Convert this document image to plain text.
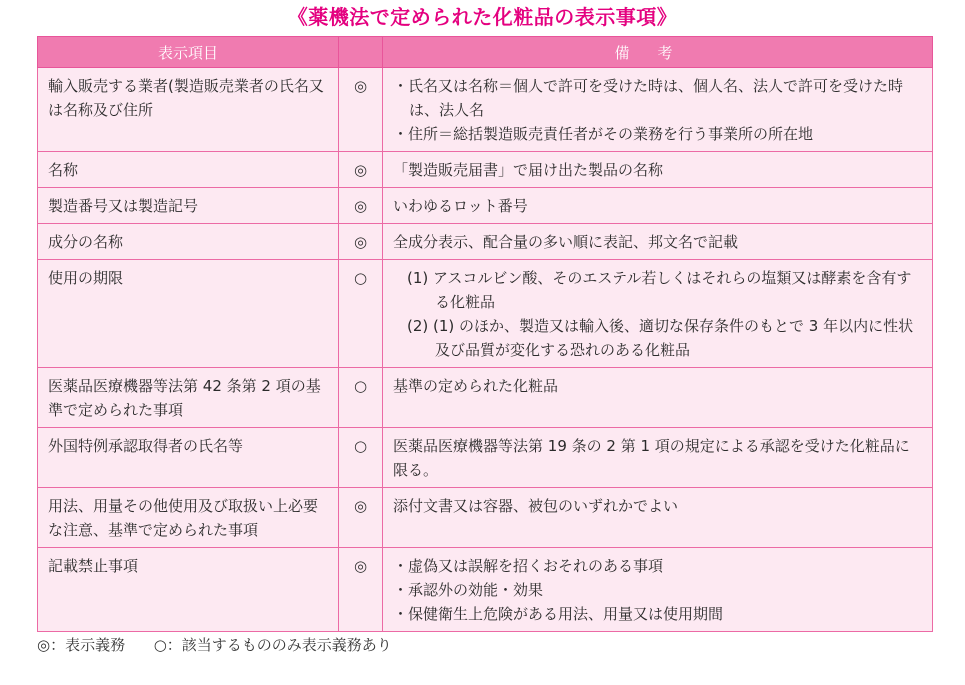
《薬機法で定められた化粧品の表示事項》
表示項目		備考
輸入販売する業者(製造販売業者の氏名又は名称及び住所	◎	・氏名又は名称＝個人で許可を受けた時は、個人名、法人で許可を受けた時は、法人名
・住所＝総括製造販売責任者がその業務を行う事業所の所在地

名称	◎	「製造販売届書」で届け出た製品の名称
製造番号又は製造記号	◎	いわゆるロット番号
成分の名称	◎	全成分表示、配合量の多い順に表記、邦文名で記載
使用の期限	○	(1) アスコルビン酸、そのエステル若しくはそれらの塩類又は酵素を含有する化粧品
(2) (1) のほか、製造又は輸入後、適切な保存条件のもとで 3 年以内に性状及び品質が変化する恐れのある化粧品

医薬品医療機器等法第 42 条第 2 項の基準で定められた事項	○	基準の定められた化粧品
外国特例承認取得者の氏名等	○	医薬品医療機器等法第 19 条の 2 第 1 項の規定による承認を受けた化粧品に限る。
用法、用量その他使用及び取扱い上必要な注意、基準で定められた事項	◎	添付文書又は容器、被包のいずれかでよい
記載禁止事項	◎	・虚偽又は誤解を招くおそれのある事項
・承認外の効能・効果
・保健衛生上危険がある用法、用量又は使用期間
◎：表示義務 ○：該当するもののみ表示義務あり
